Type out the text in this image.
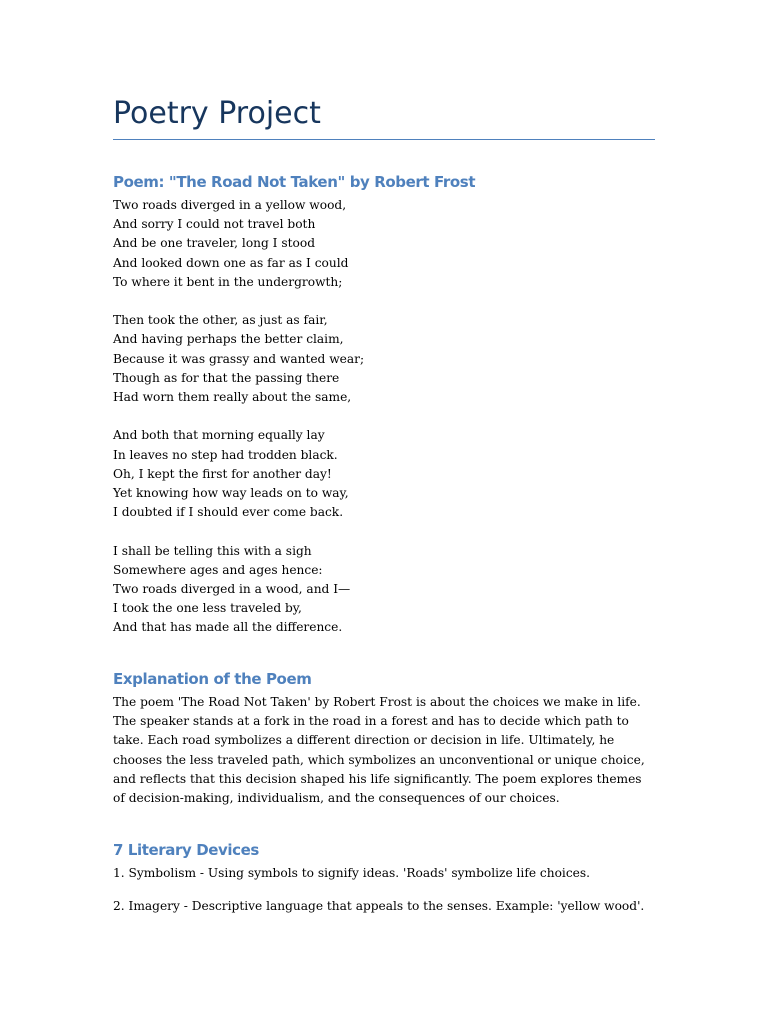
Poetry Project
Poem: "The Road Not Taken" by Robert Frost
Two roads diverged in a yellow wood,
And sorry I could not travel both
And be one traveler, long I stood
And looked down one as far as I could
To where it bent in the undergrowth;
Then took the other, as just as fair,
And having perhaps the better claim,
Because it was grassy and wanted wear;
Though as for that the passing there
Had worn them really about the same,
And both that morning equally lay
In leaves no step had trodden black.
Oh, I kept the first for another day!
Yet knowing how way leads on to way,
I doubted if I should ever come back.
I shall be telling this with a sigh
Somewhere ages and ages hence:
Two roads diverged in a wood, and I—
I took the one less traveled by,
And that has made all the difference.
Explanation of the Poem

The poem 'The Road Not Taken' by Robert Frost is about the choices we make in life. The speaker stands at a fork in the road in a forest and has to decide which path to take. Each road symbolizes a different direction or decision in life. Ultimately, he chooses the less traveled path, which symbolizes an unconventional or unique choice, and reflects that this decision shaped his life significantly. The poem explores themes of decision-making, individualism, and the consequences of our choices.

7 Literary Devices

1. Symbolism - Using symbols to signify ideas. 'Roads' symbolize life choices.

2. Imagery - Descriptive language that appeals to the senses. Example: 'yellow wood'.
